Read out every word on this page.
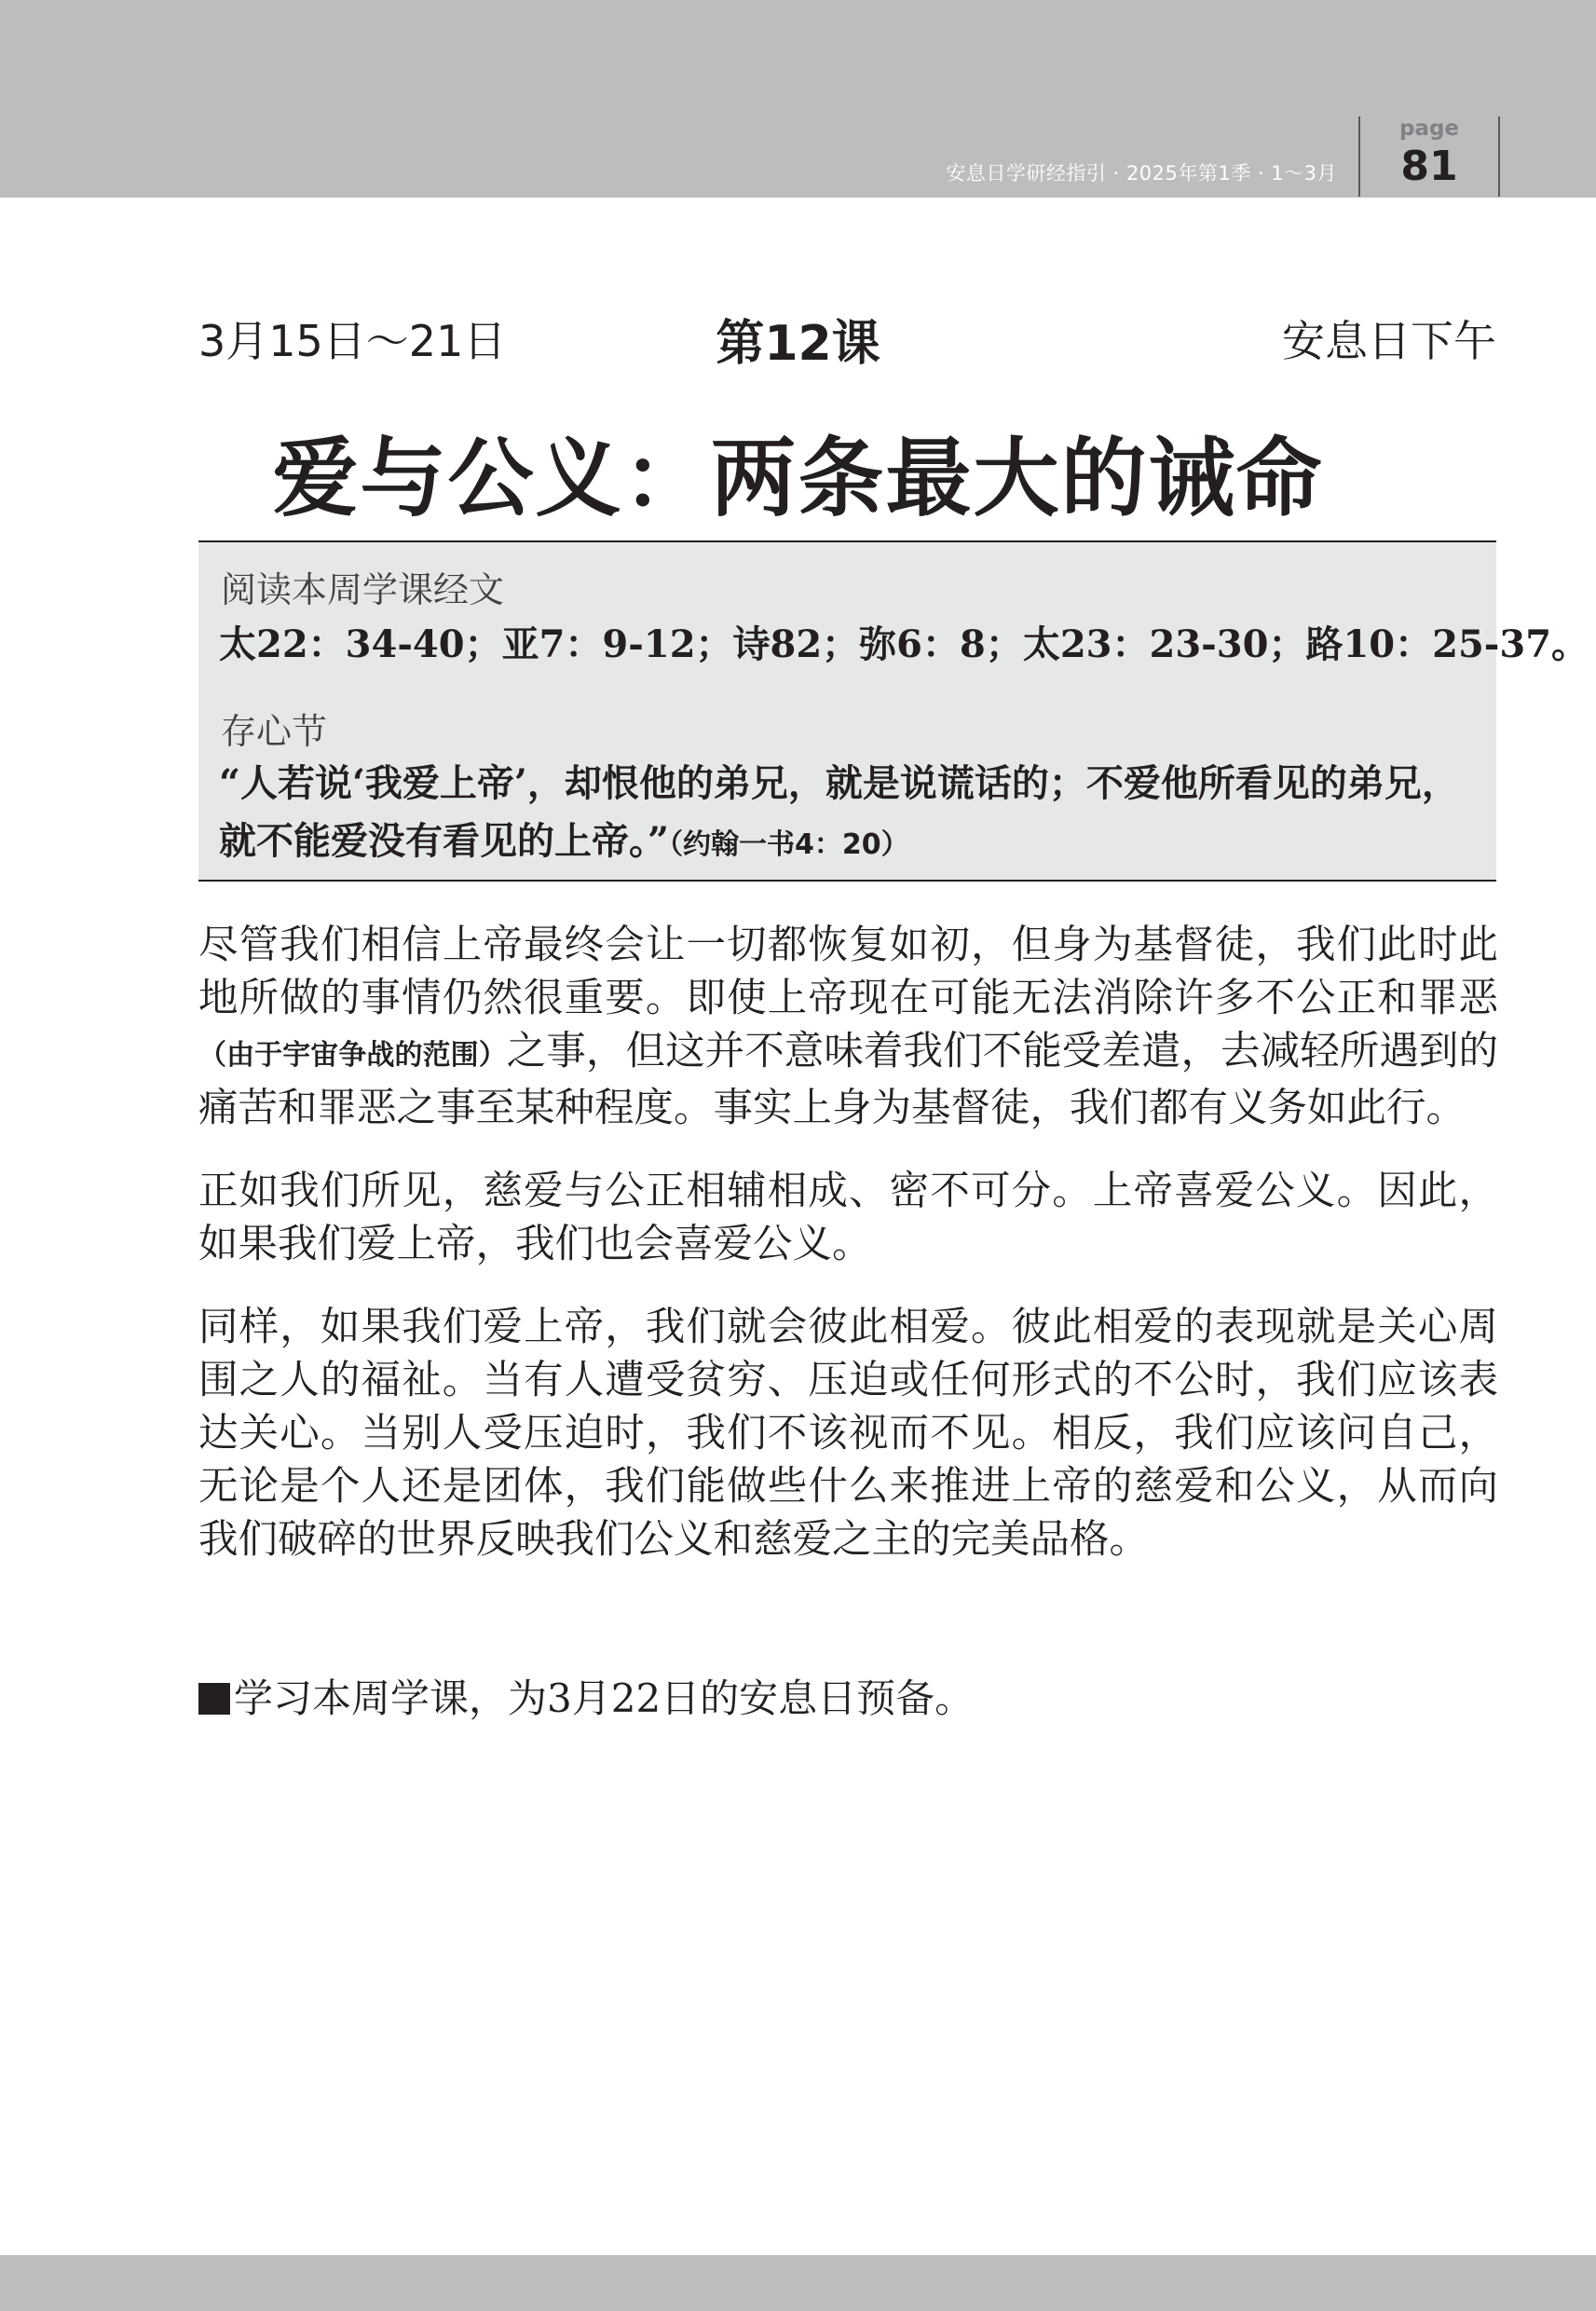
安息日学研经指引 · 2025年第1季 · 1～3月
page
81
3月15日～21日	第12课	安息日下午
爱与公义：两条最大的诫命
阅读本周学课经文
太22：34-40；亚7：9-12；诗82；弥6：8；太23：23-30；路10：25-37。
存心节
“人若说‘我爱上帝’，却恨他的弟兄，就是说谎话的；不爱他所看见的弟兄，就不能爱没有看见的上帝。”（约翰一书4：20）

尽管我们相信上帝最终会让一切都恢复如初，但身为基督徒，我们此时此地所做的事情仍然很重要。即使上帝现在可能无法消除许多不公正和罪恶（由于宇宙争战的范围）之事，但这并不意味着我们不能受差遣，去减轻所遇到的痛苦和罪恶之事至某种程度。事实上身为基督徒，我们都有义务如此行。

正如我们所见，慈爱与公正相辅相成、密不可分。上帝喜爱公义。因此，如果我们爱上帝，我们也会喜爱公义。

同样，如果我们爱上帝，我们就会彼此相爱。彼此相爱的表现就是关心周围之人的福祉。当有人遭受贫穷、压迫或任何形式的不公时，我们应该表达关心。当别人受压迫时，我们不该视而不见。相反，我们应该问自己，无论是个人还是团体，我们能做些什么来推进上帝的慈爱和公义，从而向我们破碎的世界反映我们公义和慈爱之主的完美品格。

学习本周学课，为3月22日的安息日预备。
